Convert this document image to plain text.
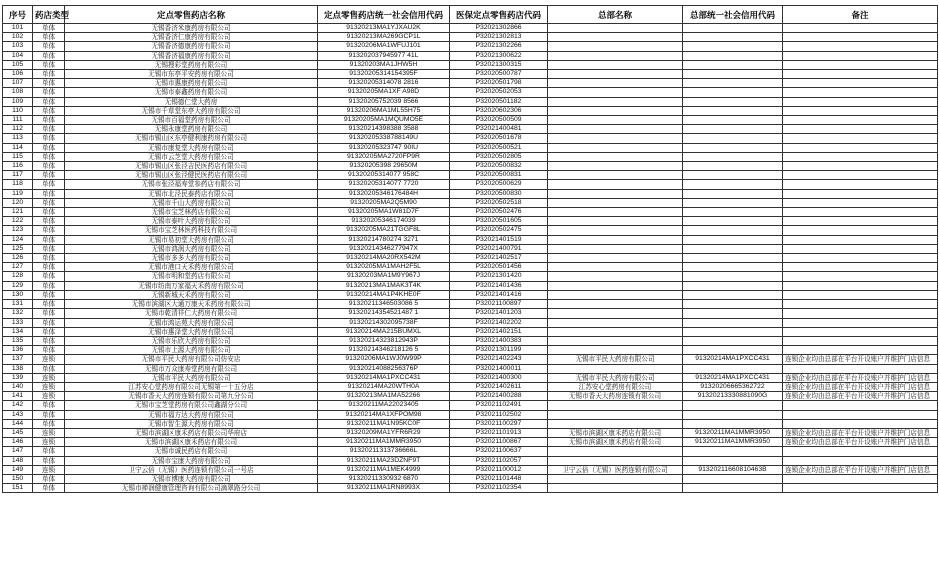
序号	药店类型	定点零售药店名称	定点零售药店统一社会信用代码	医保定点零售药店代码	总部名称	总部统一社会信用代码	备注
101	单体	无锡香济米康药房有限公司	91320213MA1YJXAU2K	P32021302866			
102	单体	无锡香济仁康药房有限公司	91320213MA269GCP1L	P32021302813			
103	单体	无锡香济德康药房有限公司	91320206MA1WFUJ101	P32021302266			
104	单体	无锡香济福康药房有限公司	913202037945977 41L	P32021300622			
105	单体	无锡搜彩堂药房有限公司	91320203MA1JHW5H	P32021300315			
106	单体	无锡市东亭平安药房有限公司	91320205314154395F	P32020500787			
107	单体	无锡市惠康药房有限公司	91320205314078 2816	P32020501798			
108	单体	无锡市泰鑫药房有限公司	91320205MA1XF A98D	P32020502053			
109	单体	无锡德仁堂大药房	91320205752039 8566	P32020501182			
110	单体	无锡市千草堂东亭大药房有限公司	91320206MA1ML55H75	P32020602306			
111	单体	无锡市百福堂药房有限公司	91320205MA1MQUMO5E	P32020500509			
112	单体	无锡永康堂药房有限公司	91320214398388 3588	P32021400481			
113	单体	无锡市锡山区东亭健利康药房有限公司	91320205338788149U	P32020501678			
114	单体	无锡市康复堂大药房有限公司	91320205323747 90IU	P32020500521			
115	单体	无锡市云芝堂大药房有限公司	91320205MA2720FP9R	P32020502805			
116	单体	无锡市锡山区张泾吉民医药店有限公司	91320205398 29650M	P32020500832			
117	单体	无锡市锡山区张泾健民医药店有限公司	91320205314077 958C	P32020500831			
118	单体	无锡市张泾福寿堂参药店有限公司	91320205314077 7720	P32020500629			
119	单体	无锡市北泾民泰药店有限公司	91320205346176484H	P32020500830			
120	单体	无锡市千山大药房有限公司	91320205MA2Q5M90	P32020502518			
121	单体	无锡市宝芝林药店有限公司	91320205MA1W81D7F	P32020502476			
122	单体	无锡市泰叶大药房有限公司	91320205346174039	P32020501605			
123	单体	无锡市宝芝林医药科技有限公司	91320205MA21TGGF8L	P32020502475			
124	单体	无锡市易初堂大药房有限公司	91320214780274 3271	P32021401519			
125	单体	无锡市鸿润大药房有限公司	91320214346277947X	P32021400791			
126	单体	无锡市多多大药房有限公司	91320214MA20RX542M	P32021402517			
127	单体	无锡市港口天禾药房有限公司	91320205MA1MAH2F5L	P32020501456			
128	单体	无锡市明和堂药店有限公司	91320203MA1M9Y967J	P32021301420			
129	单体	无锡市纺南万家福天禾药房有限公司	91320213MA1MAK3T4K	P32021401436			
130	单体	无锡新城天禾药房有限公司	91320214MA1P4KHE0F	P32021401416			
131	单体	无锡市滨湖区大通万康天禾药房有限公司	91320211346503086 5	P32021100897			
132	单体	无锡市乾清祥仁大药房有限公司	91320214354521487 1	P32021401203			
133	单体	无锡市鸿运苑大药房有限公司	91320214302095738F	P32021402202			
134	单体	无锡市惠泽堂大药房有限公司	91320214MA215BUMXL	P32021402151			
135	单体	无锡市乐欣大药房有限公司	91320214323812943P	P32021400383			
136	单体	无锡市上源大药房有限公司	91320214346218126 5	P32021301199			
137	连锁	无锡市平民大药房有限公司仿安店	91320206MA1WJ0W99P	P32021402243	无锡市平民大药房有限公司	91320214MA1PXCC431	连锁企业均由总部在平台开设账户并维护门店信息
138	单体	无锡市万众康寿堂药房有限公司	91320214088256376P	P32021400011			
139	连锁	无锡市平民大药房有限公司	91320214MA1PXCC431	P32021400300	无锡市平民大药房有限公司	91320214MA1PXCC431	连锁企业均由总部在平台开设账户并维护门店信息
140	连锁	江苏安心堂药房有限公司无锡第一十五分店	91320214MA20WTH0A	P32021402611	江苏安心堂药房有限公司	91320206665362722	连锁企业均由总部在平台开设账户并维护门店信息
141	连锁	无锡市香天大药房连锁有限公司第九分公司	91320213MA1MA52266	P32021400288	无锡市香天大药房连锁有限公司	91320213330881090G	连锁企业均由总部在平台开设账户并维护门店信息
142	单体	无锡市宝芝堂药房有限公司鑫湖分公司	91320211MA22023405	P32021102491			
143	单体	无锡市福方达大药房有限公司	91320214MA1XFPOM98	P32021102502			
144	单体	无锡市智生源大药房有限公司	91320211MA1N95KC0F	P32021100297			
145	连锁	无锡市滨湖区康禾药店有限公司华府店	91320209MA1YFR6R29	P32021101913	无锡市滨湖区康禾药店有限公司	91320211MA1MMR3950	连锁企业均由总部在平台开设账户并维护门店信息
146	连锁	无锡市滨湖区康禾药店有限公司	91320211MA1MMR3950	P32021100867	无锡市滨湖区康禾药店有限公司	91320211MA1MMR3950	连锁企业均由总部在平台开设账户并维护门店信息
147	单体	无锡市诚民药店有限公司	91320211313736666L	P32021100637			
148	单体	无锡市宝康大药房有限公司	91320211MA23DZNF9T	P32021102057			
149	连锁	卫宁云倍（无锡）医药连锁有限公司一号店	91320211MA1MEK4999	P32021100012	卫宁云倍（无锡）医药连锁有限公司	91320211660810463B	连锁企业均由总部在平台开设账户并维护门店信息
150	单体	无锡市博康大药房有限公司	91320211330932 6870	P32021101448			
151	单体	无锡市禅润健康管理咨询有限公司滴翠路分公司	91320211MA1RN8993X	P32021102354			
